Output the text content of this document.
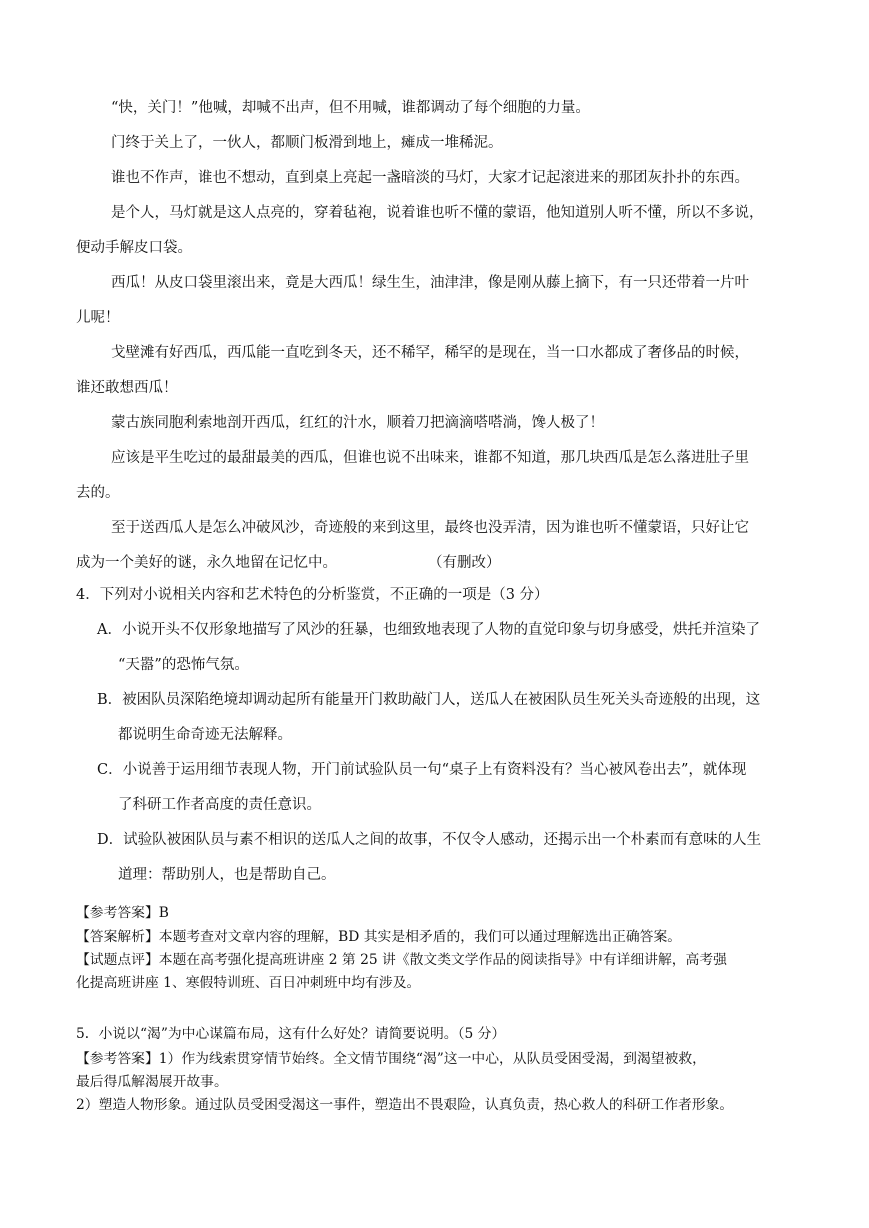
“快，关门！”他喊，却喊不出声，但不用喊，谁都调动了每个细胞的力量。

门终于关上了，一伙人，都顺门板滑到地上，瘫成一堆稀泥。

谁也不作声，谁也不想动，直到桌上亮起一盏暗淡的马灯，大家才记起滚进来的那团灰扑扑的东西。

是个人，马灯就是这人点亮的，穿着毡袍，说着谁也听不懂的蒙语，他知道别人听不懂，所以不多说，

便动手解皮口袋。

西瓜！从皮口袋里滚出来，竟是大西瓜！绿生生，油津津，像是刚从藤上摘下，有一只还带着一片叶

儿呢！

戈壁滩有好西瓜，西瓜能一直吃到冬天，还不稀罕，稀罕的是现在，当一口水都成了奢侈品的时候，

谁还敢想西瓜！

蒙古族同胞利索地剖开西瓜，红红的汁水，顺着刀把滴滴嗒嗒淌，馋人极了！

应该是平生吃过的最甜最美的西瓜，但谁也说不出味来，谁都不知道，那几块西瓜是怎么落进肚子里

去的。

至于送西瓜人是怎么冲破风沙，奇迹般的来到这里，最终也没弄清，因为谁也听不懂蒙语，只好让它

成为一个美好的谜，永久地留在记忆中。	（有删改）

4．下列对小说相关内容和艺术特色的分析鉴赏，不正确的一项是（3 分）

A．小说开头不仅形象地描写了风沙的狂暴，也细致地表现了人物的直觉印象与切身感受，烘托并渲染了

“天嚣”的恐怖气氛。

B．被困队员深陷绝境却调动起所有能量开门救助敲门人，送瓜人在被困队员生死关头奇迹般的出现，这

都说明生命奇迹无法解释。

C．小说善于运用细节表现人物，开门前试验队员一句“桌子上有资料没有？当心被风卷出去”，就体现

了科研工作者高度的责任意识。

D．试验队被困队员与素不相识的送瓜人之间的故事，不仅令人感动，还揭示出一个朴素而有意味的人生

道理：帮助别人，也是帮助自己。

【参考答案】B

【答案解析】本题考查对文章内容的理解，BD 其实是相矛盾的，我们可以通过理解选出正确答案。

【试题点评】本题在高考强化提高班讲座 2 第 25 讲《散文类文学作品的阅读指导》中有详细讲解，高考强

化提高班讲座 1、寒假特训班、百日冲刺班中均有涉及。

5．小说以“渴”为中心谋篇布局，这有什么好处？请简要说明。（5 分）

【参考答案】1）作为线索贯穿情节始终。全文情节围绕“渴”这一中心，从队员受困受渴，到渴望被救，

最后得瓜解渴展开故事。

2）塑造人物形象。通过队员受困受渴这一事件，塑造出不畏艰险，认真负责，热心救人的科研工作者形象。
